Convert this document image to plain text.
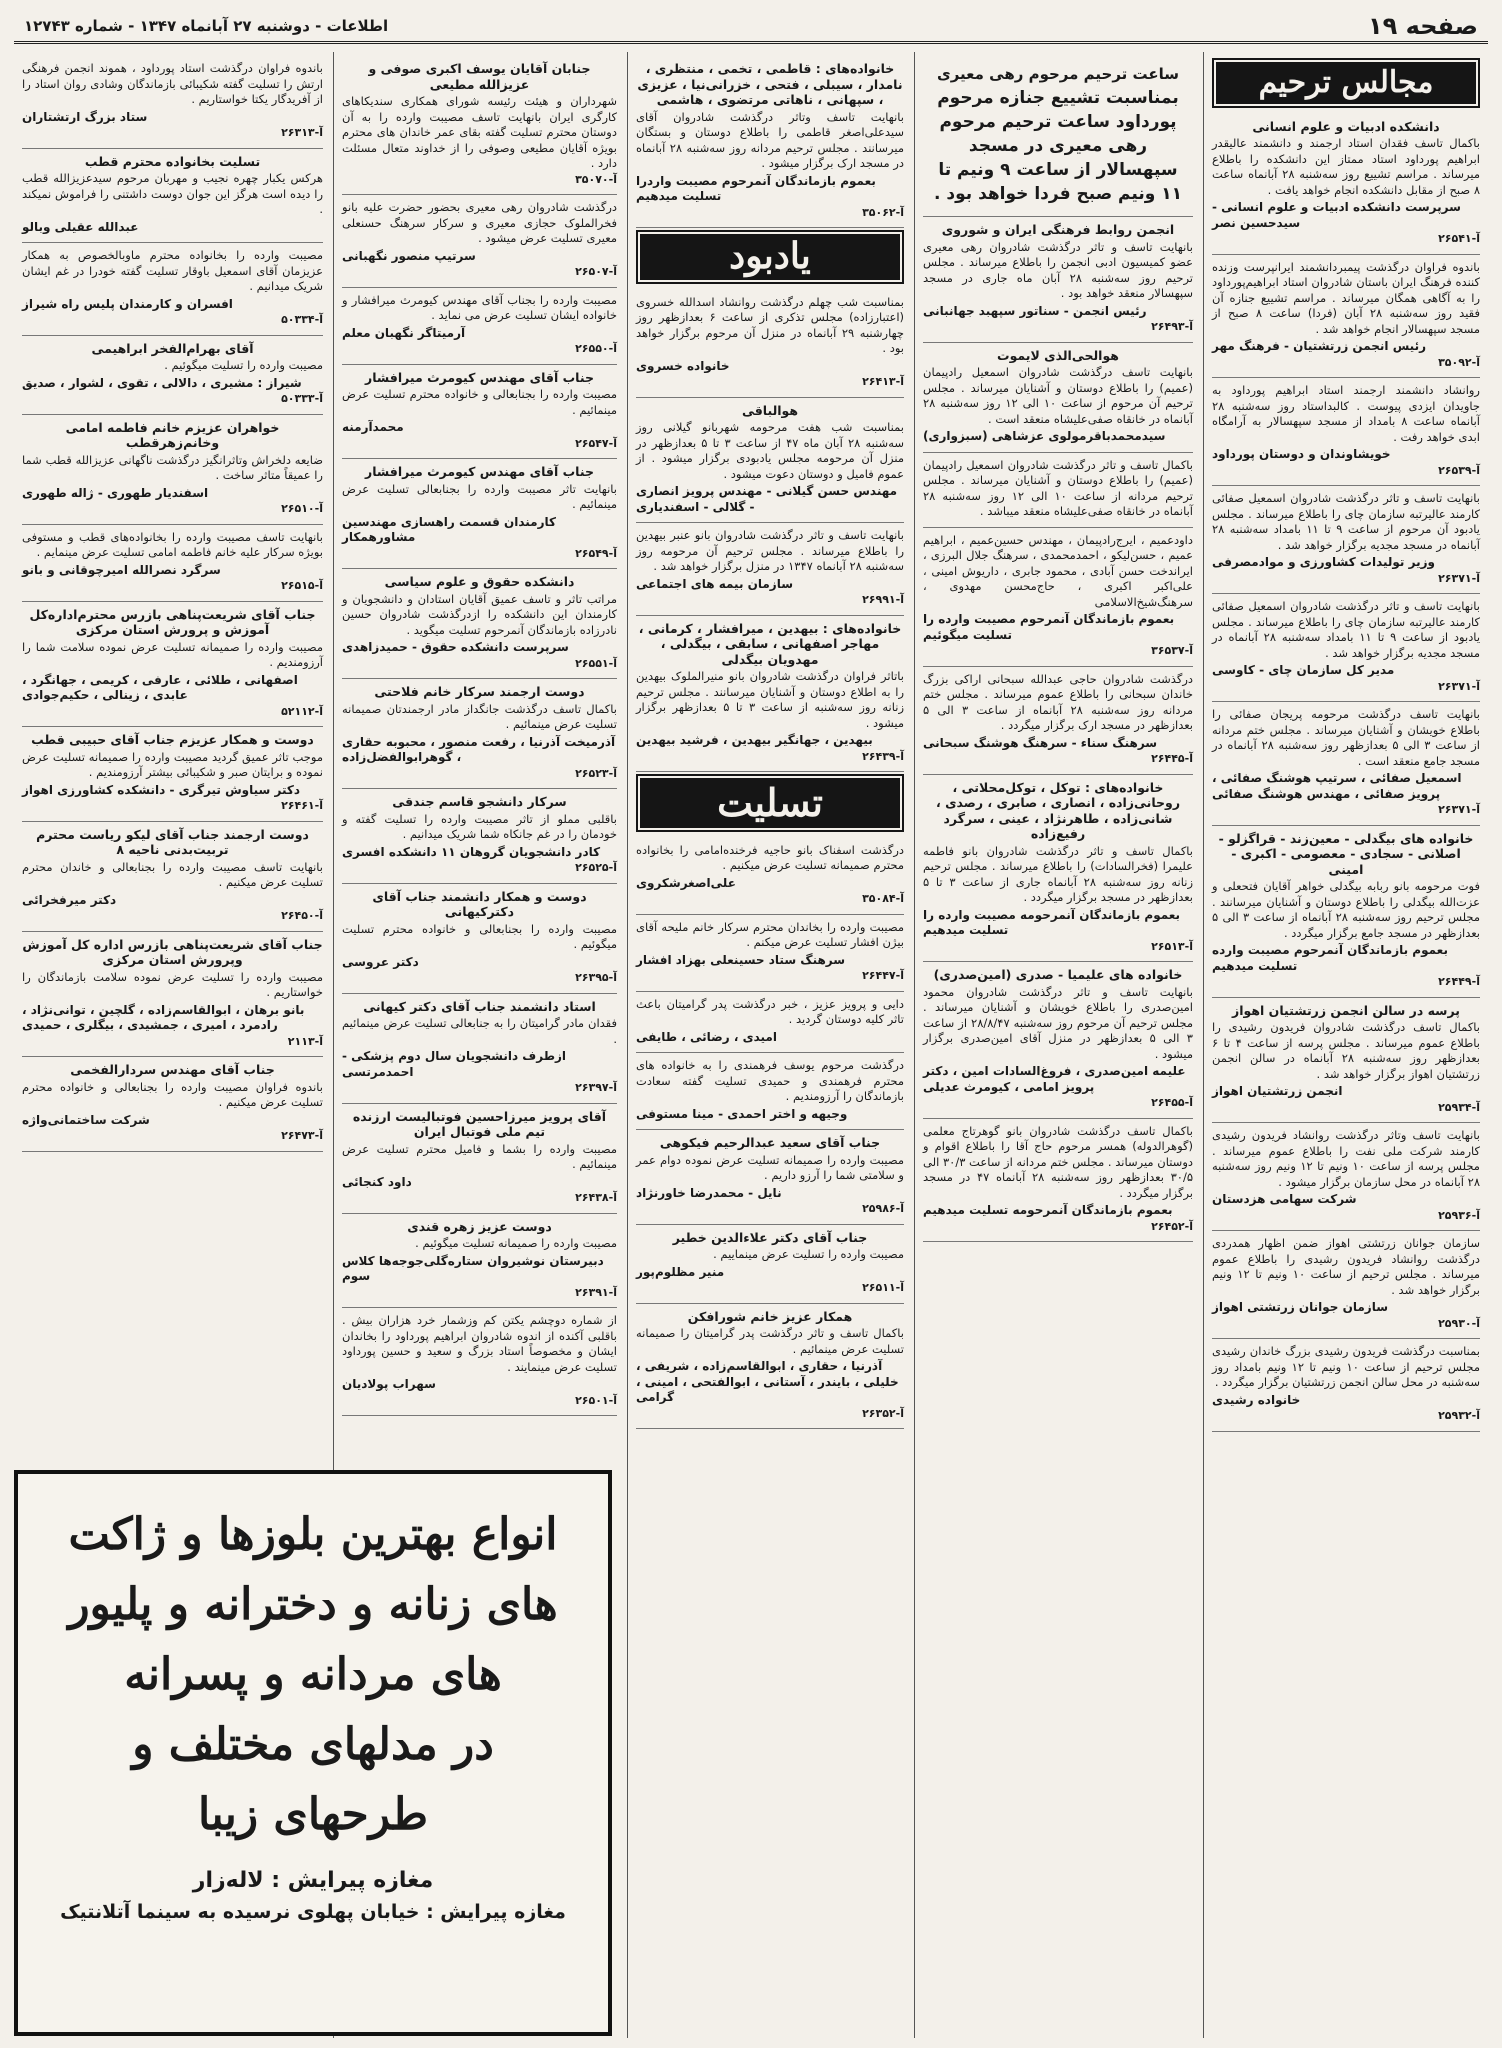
صفحه ۱۹
اطلاعات - دوشنبه ۲۷ آبانماه ۱۳۴۷ - شماره ۱۲۷۴۳
مجالس ترحیم
دانشکده ادبیات و علوم انسانی
باکمال تاسف فقدان استاد ارجمند و دانشمند عالیقدر ابراهیم پورداود استاد ممتاز این دانشکده را باطلاع میرساند . مراسم تشییع روز سه‌شنبه ۲۸ آبانماه ساعت ۸ صبح از مقابل دانشکده انجام خواهد یافت .
سرپرست دانشکده ادبیات و علوم انسانی - سیدحسین نصر
آ-۲۶۵۴۱
باندوه فراوان درگذشت پیمبردانشمند ایرانپرست وزنده کننده فرهنگ ایران باستان شادروان استاد ابراهیم‌پورداود را به آگاهی همگان میرساند . مراسم تشییع جنازه آن فقید روز سه‌شنبه ۲۸ آبان (فردا) ساعت ۸ صبح از مسجد سپهسالار انجام خواهد شد .
رئیس انجمن زرتشتیان - فرهنگ مهر
آ-۳۵۰۹۲
روانشاد دانشمند ارجمند استاد ابراهیم پورداود به جاویدان ایزدی پیوست . کالبداستاد روز سه‌شنبه ۲۸ آبانماه ساعت ۸ بامداد از مسجد سپهسالار به آرامگاه ابدی خواهد رفت .
خویشاوندان و دوستان پورداود
آ-۲۶۵۳۹
بانهایت تاسف و تاثر درگذشت شادروان اسمعیل صفائی کارمند عالیرتبه سازمان چای را باطلاع میرساند . مجلس یادبود آن مرحوم از ساعت ۹ تا ۱۱ بامداد سه‌شنبه ۲۸ آبانماه در مسجد مجدیه برگزار خواهد شد .
وزیر تولیدات کشاورزی و موادمصرفی
آ-۲۶۳۷۱
بانهایت تاسف و تاثر درگذشت شادروان اسمعیل صفائی کارمند عالیرتبه سازمان چای را باطلاع میرساند . مجلس یادبود از ساعت ۹ تا ۱۱ بامداد سه‌شنبه ۲۸ آبانماه در مسجد مجدیه برگزار خواهد شد .
مدیر کل سازمان چای - کاوسی
آ-۲۶۳۷۱
بانهایت تاسف درگذشت مرحومه پریجان صفائی را باطلاع خویشان و آشنایان میرساند . مجلس ختم مردانه از ساعت ۳ الی ۵ بعدازظهر روز سه‌شنبه ۲۸ آبانماه در مسجد جامع منعقد است .
اسمعیل صفائی ، سرتیپ هوشنگ صفائی ، پرویز صفائی ، مهندس هوشنگ صفائی
آ-۲۶۳۷۱
خانواده های بیگدلی - معین‌زند - قراگزلو - اصلانی - سجادی - معصومی - اکبری - امینی
فوت مرحومه بانو ربابه بیگدلی خواهر آقایان فتحعلی و عزت‌الله بیگدلی را باطلاع دوستان و آشنایان میرسانند . مجلس ترحیم روز سه‌شنبه ۲۸ آبانماه از ساعت ۳ الی ۵ بعدازظهر در مسجد جامع برگزار میگردد .
بعموم بازماندگان آنمرحوم مصیبت وارده تسلیت میدهیم
آ-۲۶۴۴۹
پرسه در سالن انجمن زرتشتیان اهواز
باکمال تاسف درگذشت شادروان فریدون رشیدی را باطلاع عموم میرساند . مجلس پرسه از ساعت ۴ تا ۶ بعدازظهر روز سه‌شنبه ۲۸ آبانماه در سالن انجمن زرتشتیان اهواز برگزار خواهد شد .
انجمن زرتشتیان اهواز
آ-۲۵۹۳۴
بانهایت تاسف وتاثر درگذشت روانشاد فریدون رشیدی کارمند شرکت ملی نفت را باطلاع عموم میرساند . مجلس پرسه از ساعت ۱۰ ونیم تا ۱۲ ونیم روز سه‌شنبه ۲۸ آبانماه در محل سازمان برگزار میشود .
شرکت سهامی هزدستان
آ-۲۵۹۳۶
سازمان جوانان زرتشتی اهواز ضمن اظهار همدردی درگذشت روانشاد فریدون رشیدی را باطلاع عموم میرساند . مجلس ترحیم از ساعت ۱۰ ونیم تا ۱۲ ونیم برگزار خواهد شد .
سازمان جوانان زرتشتی اهواز
آ-۲۵۹۳۰
بمناسبت درگذشت فریدون رشیدی بزرگ خاندان رشیدی مجلس ترحیم از ساعت ۱۰ ونیم تا ۱۲ ونیم بامداد روز سه‌شنبه در محل سالن انجمن زرتشتیان برگزار میگردد .
خانواده رشیدی
آ-۲۵۹۳۲
ساعت ترحیم مرحوم رهی معیری
بمناسبت تشییع جنازه مرحوم پورداود ساعت ترحیم مرحوم رهی معیری در مسجد سپهسالار از ساعت ۹ ونیم تا ۱۱ ونیم صبح فردا خواهد بود .
انجمن روابط فرهنگی ایران و شوروی
بانهایت تاسف و تاثر درگذشت شادروان رهی معیری عضو کمیسیون ادبی انجمن را باطلاع میرساند . مجلس ترحیم روز سه‌شنبه ۲۸ آبان ماه جاری در مسجد سپهسالار منعقد خواهد بود .
رئیس انجمن - سناتور سپهبد جهانبانی
آ-۲۶۴۹۳
هوالحی‌الذی لایموت
بانهایت تاسف درگذشت شادروان اسمعیل رادپیمان (عمیم) را باطلاع دوستان و آشنایان میرساند . مجلس ترحیم آن مرحوم از ساعت ۱۰ الی ۱۲ روز سه‌شنبه ۲۸ آبانماه در خانقاه صفی‌علیشاه منعقد است .
سیدمحمدباقرمولوی عزشاهی (سبزواری)
باکمال تاسف و تاثر درگذشت شادروان اسمعیل رادپیمان (عمیم) را باطلاع دوستان و آشنایان میرساند . مجلس ترحیم مردانه از ساعت ۱۰ الی ۱۲ روز سه‌شنبه ۲۸ آبانماه در خانقاه صفی‌علیشاه منعقد میباشد .
داودعمیم ، ایرج‌رادپیمان ، مهندس حسین‌عمیم ، ابراهیم عمیم ، حسن‌لیکو ، احمدمحمدی ، سرهنگ جلال البرزی ، ایراندخت حسن آبادی ، محمود جابری ، داریوش امینی ، علی‌اکبر اکبری ، حاج‌محسن مهدوی ، سرهنگ‌شیخ‌الاسلامی
بعموم بازماندگان آنمرحوم مصیبت وارده را تسلیت میگوئیم
آ-۳۶۵۳۷
درگذشت شادروان حاجی عبدالله سبحانی اراکی بزرگ خاندان سبحانی را باطلاع عموم میرساند . مجلس ختم مردانه روز سه‌شنبه ۲۸ آبانماه از ساعت ۳ الی ۵ بعدازظهر در مسجد ارک برگزار میگردد .
سرهنگ سناء - سرهنگ هوشنگ سبحانی
آ-۲۶۴۴۵
خانواده‌های : توکل ، توکل‌محلاتی ، روحانی‌زاده ، انصاری ، صابری ، رصدی ، شانی‌زاده ، طاهرنژاد ، عینی ، سرگرد رفیع‌زاده
باکمال تاسف و تاثر درگذشت شادروان بانو فاطمه علیمرا (فخرالسادات) را باطلاع میرساند . مجلس ترحیم زنانه روز سه‌شنبه ۲۸ آبانماه جاری از ساعت ۳ تا ۵ بعدازظهر در مسجد برگزار میگردد .
بعموم بازماندگان آنمرحومه مصیبت وارده را تسلیت میدهیم
آ-۲۶۵۱۳
خانواده های علیمیا - صدری (امین‌صدری)
بانهایت تاسف و تاثر درگذشت شادروان محمود امین‌صدری را باطلاع خویشان و آشنایان میرساند . مجلس ترحیم آن مرحوم روز سه‌شنبه ۲۸/۸/۴۷ از ساعت ۳ الی ۵ بعدازظهر در منزل آقای امین‌صدری برگزار میشود .
علیمه امین‌صدری ، فروغ‌السادات امین ، دکتر پرویز امامی ، کیومرث عدیلی
آ-۲۶۴۵۵
باکمال تاسف درگذشت شادروان بانو گوهرتاج معلمی (گوهرالدوله) همسر مرحوم حاج آقا را باطلاع اقوام و دوستان میرساند . مجلس ختم مردانه از ساعت ۳۰/۳ الی ۳۰/۵ بعدازظهر روز سه‌شنبه ۲۸ آبانماه ۴۷ در مسجد برگزار میگردد .
بعموم بازماندگان آنمرحومه تسلیت میدهیم
آ-۲۶۴۵۲
خانواده‌های : قاطمی ، تخمی ، منتظری ، نامدار ، سیبلی ، فتحی ، خزرانی‌نیا ، عزیزی ، سپهانی ، ناهاتی مرتضوی ، هاشمی
بانهایت تاسف وتاثر درگذشت شادروان آقای سیدعلی‌اصغر قاطمی را باطلاع دوستان و بستگان میرسانند . مجلس ترحیم مردانه روز سه‌شنبه ۲۸ آبانماه در مسجد ارک برگزار میشود .
بعموم بازماندگان آنمرحوم مصیبت واردرا تسلیت میدهیم
آ-۳۵۰۶۲
یادبود
بمناسبت شب چهلم درگذشت روانشاد اسدالله خسروی (اعتبارزاده) مجلس تذکری از ساعت ۶ بعدازظهر روز چهارشنبه ۲۹ آبانماه در منزل آن مرحوم برگزار خواهد بود .
خانواده خسروی
آ-۲۶۴۱۳
هوالباقی
بمناسبت شب هفت مرحومه شهربانو گیلانی روز سه‌شنبه ۲۸ آبان ماه ۴۷ از ساعت ۳ تا ۵ بعدازظهر در منزل آن مرحومه مجلس یادبودی برگزار میشود . از عموم فامیل و دوستان دعوت میشود .
مهندس حسن گیلانی - مهندس پرویز انصاری - گلالی - اسفندیاری
بانهایت تاسف و تاثر درگذشت شادروان بانو عنبر بیهدین را باطلاع میرساند . مجلس ترحیم آن مرحومه روز سه‌شنبه ۲۸ آبانماه ۱۳۴۷ در منزل برگزار خواهد شد .
سازمان بیمه های اجتماعی
آ-۲۶۹۹۱
خانواده‌های : بیهدین ، میرافشار ، کرمانی ، مهاجر اصفهانی ، سابقی ، بیگدلی ، مهدویان بیگدلی
باتاثر فراوان درگذشت شادروان بانو منیرالملوک بیهدین را به اطلاع دوستان و آشنایان میرسانند . مجلس ترحیم زنانه روز سه‌شنبه از ساعت ۳ تا ۵ بعدازظهر برگزار میشود .
بیهدین ، جهانگیر بیهدین ، فرشید بیهدین
آ-۲۶۴۳۹
تسلیت
درگذشت اسفناک بانو حاجیه فرخنده‌امامی را بخانواده محترم صمیمانه تسلیت عرض میکنیم .
علی‌اصغرشکروی
آ-۳۵۰۸۴
مصیبت وارده را بخاندان محترم سرکار خانم ملیحه آقای بیژن افشار تسلیت عرض میکنم .
سرهنگ ستاد حسینعلی بهزاد افشار
آ-۲۶۴۴۷
دایی و پرویز عزیز ، خبر درگذشت پدر گرامیتان باعث تاثر کلیه دوستان گردید .
امیدی ، رضائی ، طایفی
درگذشت مرحوم یوسف فرهمندی را به خانواده های محترم فرهمندی و حمیدی تسلیت گفته سعادت بازماندگان را آرزومندیم .
وجیهه و اختر احمدی - مینا مستوفی
جناب آقای سعید عبدالرحیم فیکوهی
مصیبت وارده را صمیمانه تسلیت عرض نموده دوام عمر و سلامتی شما را آرزو داریم .
نایل - محمدرضا خاورنژاد
آ-۲۵۹۸۶
جناب آقای دکتر علاءالدین خطیر
مصیبت وارده را تسلیت عرض مینماییم .
منیر مظلوم‌پور
آ-۲۶۵۱۱
همکار عزیز خانم شورافکن
باکمال تاسف و تاثر درگذشت پدر گرامیتان را صمیمانه تسلیت عرض مینمائیم .
آذرنیا ، حقاری ، ابوالقاسم‌زاده ، شریفی ، خلیلی ، بایندر ، آستانی ، ابوالفتحی ، امینی ، گرامی
آ-۲۶۳۵۲
جنابان آقایان یوسف اکبری صوفی و عزیزالله مطیعی
شهرداران و هیئت رئیسه شورای همکاری سندیکاهای کارگری ایران بانهایت تاسف مصیبت وارده را به آن دوستان محترم تسلیت گفته بقای عمر خاندان های محترم بویژه آقایان مطیعی وصوفی را از خداوند متعال مسئلت دارد .
آ-۳۵۰۷۰
درگذشت شادروان رهی معیری بحضور حضرت علیه بانو فخرالملوک حجازی معیری و سرکار سرهنگ حسنعلی معیری تسلیت عرض میشود .
سرتیپ منصور نگهبانی
آ-۲۶۵۰۷
مصیبت وارده را بجناب آقای مهندس کیومرث میرافشار و خانواده ایشان تسلیت عرض می نماید .
آرمیتاگر نگهبان معلم
آ-۲۶۵۵۰
جناب آقای مهندس کیومرث میرافشار
مصیبت وارده را بجنابعالی و خانواده محترم تسلیت عرض مینمائیم .
محمدآرمنه
آ-۲۶۵۴۷
جناب آقای مهندس کیومرث میرافشار
بانهایت تاثر مصیبت وارده را بجنابعالی تسلیت عرض مینمائیم .
کارمندان قسمت راهسازی مهندسین مشاورهمکار
آ-۲۶۵۴۹
دانشکده حقوق و علوم سیاسی
مراتب تاثر و تاسف عمیق آقایان استادان و دانشجویان و کارمندان این دانشکده را ازدرگذشت شادروان حسین نادرزاده بازماندگان آنمرحوم تسلیت میگوید .
سرپرست دانشکده حقوق - حمیدزاهدی
آ-۲۶۵۵۱
دوست ارجمند سرکار خانم فلاحتی
باکمال تاسف درگذشت جانگداز مادر ارجمندتان صمیمانه تسلیت عرض مینمائیم .
آذرمیخت آذرنیا ، رفعت منصور ، محبوبه حقاری ، گوهرابوالفضل‌زاده
آ-۲۶۵۲۳
سرکار دانشجو قاسم جندقی
باقلبی مملو از تاثر مصیبت وارده را تسلیت گفته و خودمان را در غم جانکاه شما شریک میدانیم .
کادر دانشجویان گروهان ۱۱ دانشکده افسری
آ-۲۶۵۲۵
دوست و همکار دانشمند جناب آقای دکترکیهانی
مصیبت وارده را بجنابعالی و خانواده محترم تسلیت میگوئیم .
دکتر عروسی
آ-۲۶۳۹۵
استاد دانشمند جناب آقای دکتر کیهانی
فقدان مادر گرامیتان را به جنابعالی تسلیت عرض مینمائیم .
ازطرف دانشجویان سال دوم پزشکی - احمدمرتسی
آ-۲۶۳۹۷
آقای پرویز میرزاحسین فوتبالیست ارزنده تیم ملی فوتبال ایران
مصیبت وارده را بشما و فامیل محترم تسلیت عرض مینمائیم .
داود کنجائی
آ-۲۶۴۳۸
دوست عزیز زهره قندی
مصیبت وارده را صمیمانه تسلیت میگوئیم .
دبیرستان نوشیروان ستاره‌گلی‌جوجه‌ها کلاس سوم
آ-۲۶۳۹۱
از شماره دوچشم یکتن کم وزشمار خرد هزاران بیش . باقلبی آکنده از اندوه شادروان ابراهیم پورداود را بخاندان ایشان و مخصوصاً استاد بزرگ و سعید و حسین پورداود تسلیت عرض مینمایند .
سهراب پولادیان
آ-۲۶۵۰۱
باندوه فراوان درگذشت استاد پورداود ، هموند انجمن فرهنگی ارتش را تسلیت گفته شکیبائی بازماندگان وشادی روان استاد را از آفریدگار یکتا خواستاریم .
ستاد بزرگ ارتشتاران
آ-۲۶۳۱۳
تسلیت بخانواده محترم قطب
هرکس یکبار چهره نجیب و مهربان مرحوم سیدعزیزالله قطب را دیده است هرگز این جوان دوست داشتنی را فراموش نمیکند .
عبدالله عقیلی وبالو
مصیبت وارده را بخانواده محترم ماوبالخصوص به همکار عزیزمان آقای اسمعیل باوقار تسلیت گفته خودرا در غم ایشان شریک میدانیم .
افسران و کارمندان پلیس راه شیراز
آ-۵۰۳۳۴
آقای بهرام‌الفخر ابراهیمی
مصیبت وارده را تسلیت میگوئیم .
شیراز : مشیری ، دالالی ، تقوی ، لشوار ، صدیق
آ-۵۰۳۳۳
خواهران عزیزم خانم فاطمه امامی وخانم‌زهرقطب
ضایعه دلخراش وتاثرانگیز درگذشت ناگهانی عزیزالله قطب شما را عمیقاً متاثر ساخت .
اسفندیار طهوری - ژاله طهوری
آ-۲۶۵۱۰
بانهایت تاسف مصیبت وارده را بخانواده‌های قطب و مستوفی بویژه سرکار علیه خانم فاطمه امامی تسلیت عرض مینمایم .
سرگرد نصرالله امیرچوقانی و بانو
آ-۲۶۵۱۵
جناب آقای شریعت‌پناهی بازرس محترم‌اداره‌کل آموزش و پرورش استان مرکزی
مصیبت وارده را صمیمانه تسلیت عرض نموده سلامت شما را آرزومندیم .
اصفهانی ، طلائی ، عارفی ، کریمی ، جهانگرد ، عابدی ، زینالی ، حکیم‌جوادی
آ-۵۲۱۱۲
دوست و همکار عزیزم جناب آقای حبیبی قطب
موجب تاثر عمیق گردید مصیبت وارده را صمیمانه تسلیت عرض نموده و برایتان صبر و شکیبائی بیشتر آرزومندیم .
دکتر سیاوش تیرگری - دانشکده کشاورزی اهواز
آ-۲۶۴۶۱
دوست ارجمند جناب آقای لیکو ریاست محترم تربیت‌بدنی ناحیه ۸
بانهایت تاسف مصیبت وارده را بجنابعالی و خاندان محترم تسلیت عرض میکنیم .
دکتر میرفخرائی
آ-۲۶۴۵۰
جناب آقای شریعت‌پناهی بازرس اداره کل آموزش وپرورش استان مرکزی
مصیبت وارده را تسلیت عرض نموده سلامت بازماندگان را خواستاریم .
بانو برهان ، ابوالقاسم‌زاده ، گلچین ، توانی‌نژاد ، رادمرد ، امیری ، جمشیدی ، بیگلری ، حمیدی
آ-۲۱۱۳
جناب آقای مهندس سردارالفخمی
باندوه فراوان مصیبت وارده را بجنابعالی و خانواده محترم تسلیت عرض میکنیم .
شرکت ساختمانی‌واژه
آ-۲۶۴۷۳

انواع بهترین بلوزها و ژاکت

های زنانه و دخترانه و پلیور

های مردانه و پسرانه

در مدلهای مختلف و

طرحهای زیبا

مغازه پیرایش : لاله‌زار
مغازه پیرایش : خیابان پهلوی نرسیده به سینما آتلانتیک
